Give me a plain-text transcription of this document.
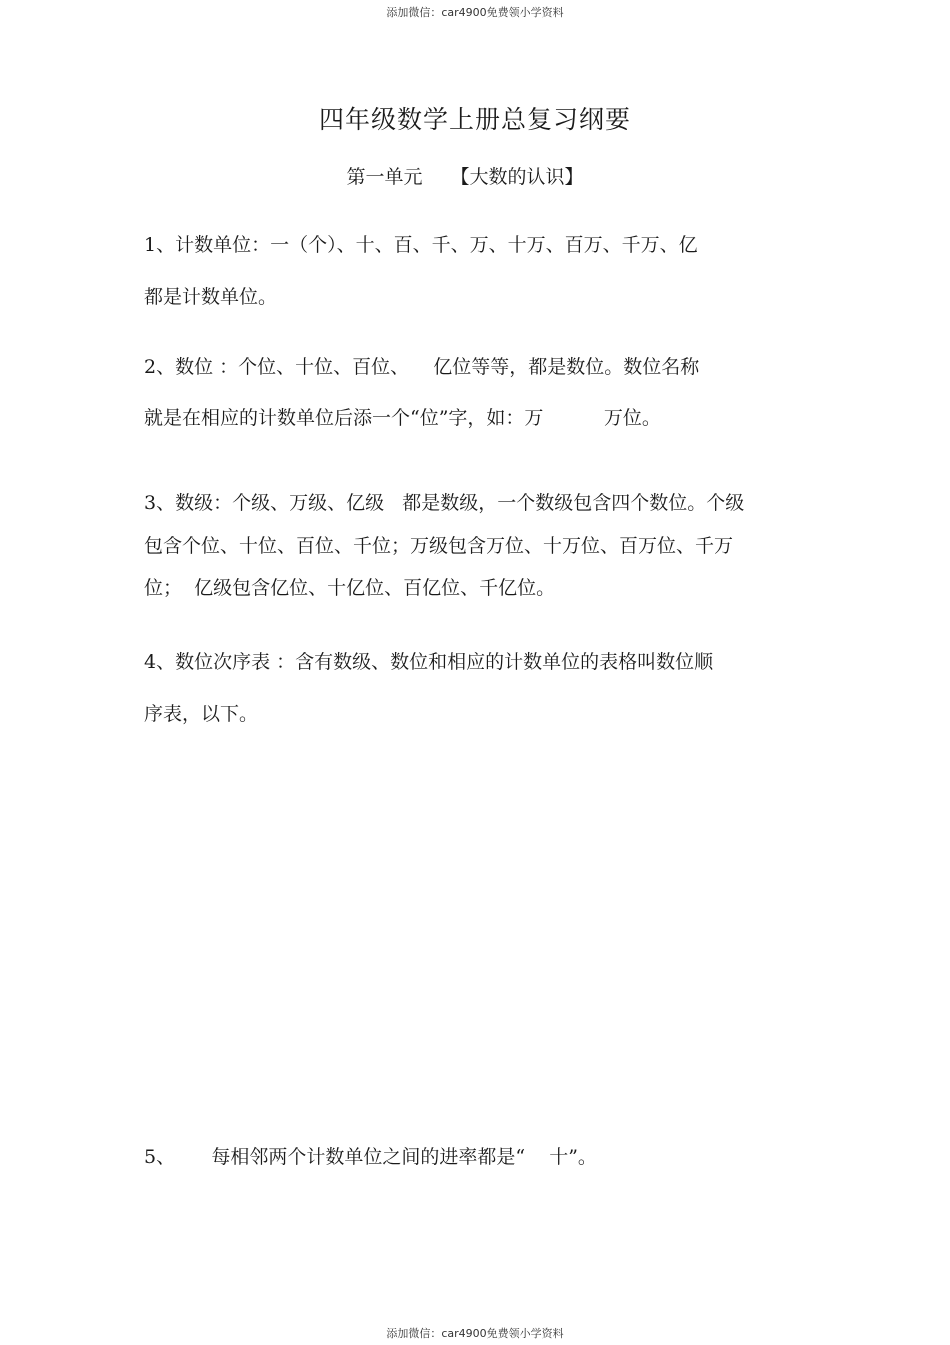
添加微信：car4900免费领小学资料
四年级数学上册总复习纲要
第一单元 【大数的认识】
1、计数单位：一（个）、十、百、千、万、十万、百万、千万、亿
都是计数单位。
2、数位 ：个位、十位、百位、    亿位等等，都是数位。数位名称
就是在相应的计数单位后添一个“位”字，如：万          万位。
3、数级：个级、万级、亿级   都是数级，一个数级包含四个数位。个级
包含个位、十位、百位、千位；万级包含万位、十万位、百万位、千万
位；  亿级包含亿位、十亿位、百亿位、千亿位。
4、数位次序表 ：含有数级、数位和相应的计数单位的表格叫数位顺
序表，以下。
5、      每相邻两个计数单位之间的进率都是“    十”。
添加微信：car4900免费领小学资料
